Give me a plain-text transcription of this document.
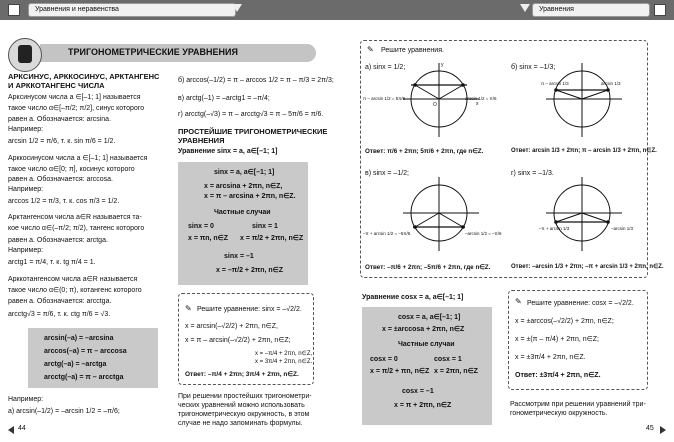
Уравнения и неравенства	Уравнения
ТРИГОНОМЕТРИЧЕСКИЕ УРАВНЕНИЯ
АРКСИНУС, АРККОСИНУС, АРКТАНГЕНС
И АРККОТАНГЕНС ЧИСЛА
Арксинусом числа a ∈[–1; 1] называется
такое число α∈[–π/2; π/2], синус которого
равен a. Обозначается: arcsina.
Например:
arcsin 1/2 = π/6, т. к. sin π/6 = 1/2.
Арккосинусом числа a ∈[–1; 1] называется
такое число α∈[0; π], косинус которого
равен a. Обозначается: arccosa.
Например:
arccos 1/2 = π/3, т. к. cos π/3 = 1/2.
Арктангенсом числа a∈R называется та-
кое число α∈(–π/2; π/2), тангенс которого
равен a. Обозначается: arctga.
Например:
arctg1 = π/4, т. к. tg π/4 = 1.
Арккотангенсом числа a∈R называется
такое число α∈(0; π), котангенс которого
равен a. Обозначается: arcctga.
arcctg√3 = π/6, т. к. ctg π/6 = √3.
arcsin(–a) = –arcsina
arccos(–a) = π – arccosa
arctg(–a) = –arctga
arcctg(–a) = π – arcctga
Например:
а) arcsin(–1/2) = –arcsin 1/2 = –π/6;
б) arccos(–1/2) = π – arccos 1/2 = π – π/3 = 2π/3;
в) arctg(–1) = –arctg1 = –π/4;
г) arcctg(–√3) = π – arcctg√3 = π – 5π/6 = π/6.
ПРОСТЕЙШИЕ ТРИГОНОМЕТРИЧЕСКИЕ
УРАВНЕНИЯ
Уравнение sinx = a, a∈[–1; 1]
sinx = a, a∈[–1; 1]
x = arcsina + 2πn, n∈Z,
x = π – arcsina + 2πn, n∈Z.
Частные случаи
sinx = 0
x = πn, n∈Z
sinx = 1
x = π/2 + 2πn, n∈Z
sinx = –1
x = –π/2 + 2πn, n∈Z
✎ Решите уравнение: sinx = –√2/2.
x = arcsin(–√2/2) + 2πn, n∈Z,
x = π – arcsin(–√2/2) + 2πn, n∈Z;
x = –π/4 + 2πn, n∈Z,
x = 3π/4 + 2πn, n∈Z.
Ответ: –π/4 + 2πn; 3π/4 + 2πn, n∈Z.
При решении простейших тригонометри-
ческих уравнений можно использовать
тригонометрическую окружность, в этом
случае не надо запоминать формулы.
44
✎ Решите уравнения.
а) sinx = 1/2;	б) sinx = –1/3;
в) sinx = –1/2;	г) sinx = –1/3.
Ответ: π/6 + 2πn; 5π/6 + 2πn, где n∈Z.	Ответ: arcsin 1/3 + 2πn; π – arcsin 1/3 + 2πn, n∈Z.
Ответ: –π/6 + 2πn; –5π/6 + 2πn, где n∈Z.	Ответ: –arcsin 1/3 + 2πn; –π + arcsin 1/3 + 2πn, n∈Z.
π – arcsin 1/2 = 5π/6	arcsin 1/2 = π/6
π – arcsin 1/3	arcsin 1/3
–π + arcsin 1/2 = –5π/6	–arcsin 1/2 = –π/6
–π + arcsin 1/3	–arcsin 1/3
y
x
O
Уравнение cosx = a, a∈[–1; 1]
cosx = a, a∈[–1; 1]
x = ±arccosa + 2πn, n∈Z
Частные случаи
cosx = 0
x = π/2 + πn, n∈Z
cosx = 1
x = 2πn, n∈Z
cosx = –1
x = π + 2πn, n∈Z
✎ Решите уравнение: cosx = –√2/2.
x = ±arccos(–√2/2) + 2πn, n∈Z;
x = ±(π – π/4) + 2πn, n∈Z;
x = ±3π/4 + 2πn, n∈Z.
Ответ: ±3π/4 + 2πn, n∈Z.
Рассмотрим при решении уравнений три-
гонометрическую окружность.
45
